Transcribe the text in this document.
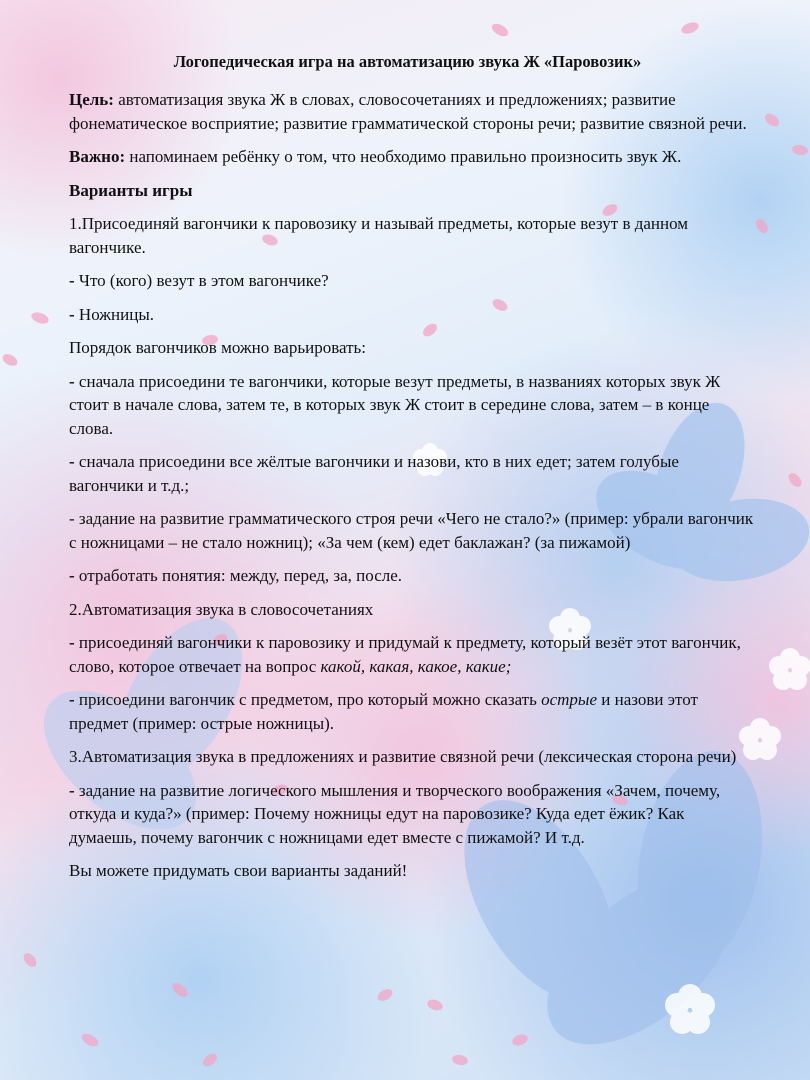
Логопедическая игра на автоматизацию звука Ж «Паровозик»

Цель: автоматизация звука Ж в словах, словосочетаниях и предложениях; развитие фонематическое восприятие; развитие грамматической стороны речи; развитие связной речи.

Важно: напоминаем ребёнку о том, что необходимо правильно произносить звук Ж.

Варианты игры

1.Присоединяй вагончики к паровозику и называй предметы, которые везут в данном вагончике.

- Что (кого) везут в этом вагончике?

- Ножницы.

Порядок вагончиков можно варьировать:

- сначала присоедини те вагончики, которые везут предметы, в названиях которых звук Ж стоит в начале слова, затем те, в которых звук Ж стоит в середине слова, затем – в конце слова.

- сначала присоедини все жёлтые вагончики и назови, кто в них едет; затем голубые вагончики и т.д.;

- задание на развитие грамматического строя речи «Чего не стало?» (пример: убрали вагончик с ножницами – не стало ножниц); «За чем (кем) едет баклажан? (за пижамой)

- отработать понятия: между, перед, за, после.

2.Автоматизация звука в словосочетаниях

- присоединяй вагончики к паровозику и придумай к предмету, который везёт этот вагончик, слово, которое отвечает на вопрос какой, какая, какое, какие;

- присоедини вагончик с предметом, про который можно сказать острые и назови этот предмет (пример: острые ножницы).

3.Автоматизация звука в предложениях и развитие связной речи (лексическая сторона речи)

- задание на развитие логического мышления и творческого воображения «Зачем, почему, откуда и куда?» (пример: Почему ножницы едут на паровозике? Куда едет ёжик? Как думаешь, почему вагончик с ножницами едет вместе с пижамой? И т.д.

Вы можете придумать свои варианты заданий!
